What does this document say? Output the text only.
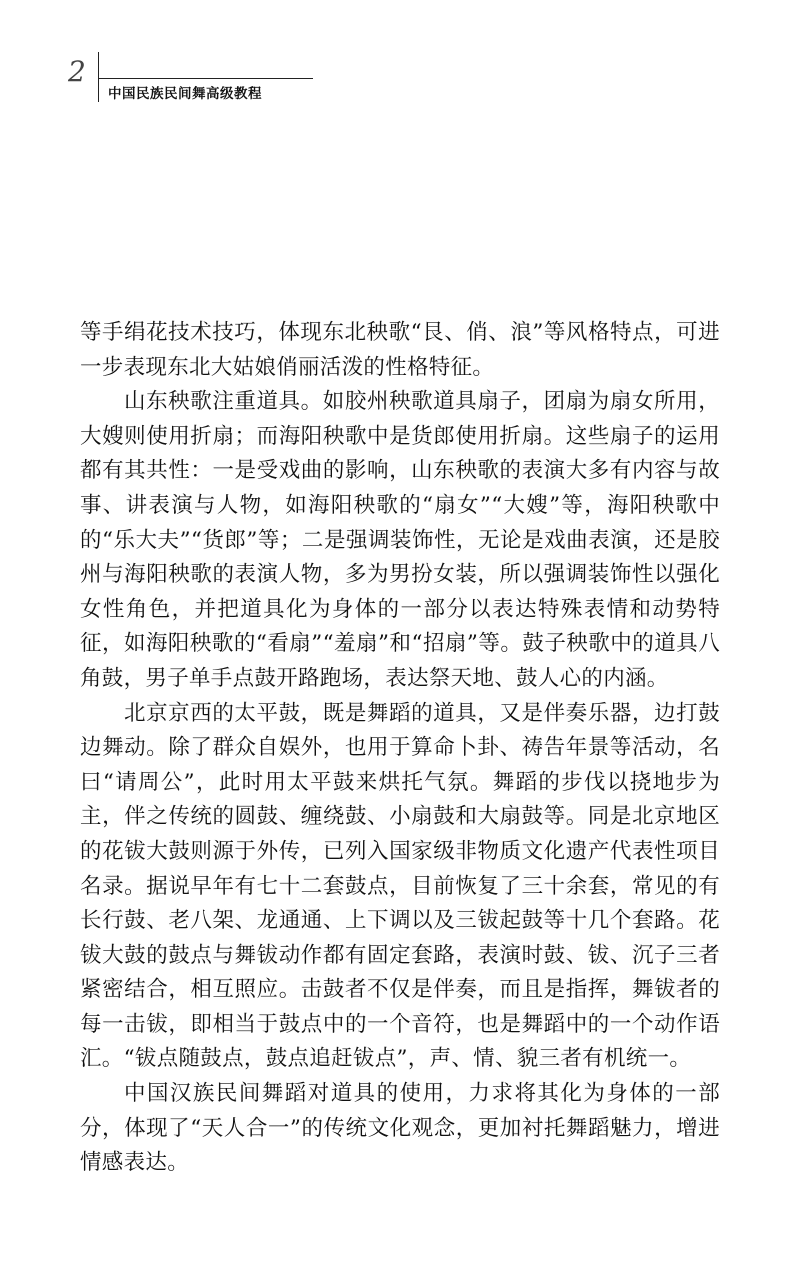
2
中国民族民间舞高级教程

等手绢花技术技巧，体现东北秧歌“艮、俏、浪”等风格特点，可进一步表现东北大姑娘俏丽活泼的性格特征。

山东秧歌注重道具。如胶州秧歌道具扇子，团扇为扇女所用，大嫂则使用折扇；而海阳秧歌中是货郎使用折扇。这些扇子的运用都有其共性：一是受戏曲的影响，山东秧歌的表演大多有内容与故事、讲表演与人物，如海阳秧歌的“扇女”“大嫂”等，海阳秧歌中的“乐大夫”“货郎”等；二是强调装饰性，无论是戏曲表演，还是胶州与海阳秧歌的表演人物，多为男扮女装，所以强调装饰性以强化女性角色，并把道具化为身体的一部分以表达特殊表情和动势特征，如海阳秧歌的“看扇”“羞扇”和“招扇”等。鼓子秧歌中的道具八角鼓，男子单手点鼓开路跑场，表达祭天地、鼓人心的内涵。

北京京西的太平鼓，既是舞蹈的道具，又是伴奏乐器，边打鼓边舞动。除了群众自娱外，也用于算命卜卦、祷告年景等活动，名曰“请周公”，此时用太平鼓来烘托气氛。舞蹈的步伐以挠地步为主，伴之传统的圆鼓、缠绕鼓、小扇鼓和大扇鼓等。同是北京地区的花钹大鼓则源于外传，已列入国家级非物质文化遗产代表性项目名录。据说早年有七十二套鼓点，目前恢复了三十余套，常见的有长行鼓、老八架、龙通通、上下调以及三钹起鼓等十几个套路。花钹大鼓的鼓点与舞钹动作都有固定套路，表演时鼓、钹、沉子三者紧密结合，相互照应。击鼓者不仅是伴奏，而且是指挥，舞钹者的每一击钹，即相当于鼓点中的一个音符，也是舞蹈中的一个动作语汇。“钹点随鼓点，鼓点追赶钹点”，声、情、貌三者有机统一。

中国汉族民间舞蹈对道具的使用，力求将其化为身体的一部分，体现了“天人合一”的传统文化观念，更加衬托舞蹈魅力，增进情感表达。
